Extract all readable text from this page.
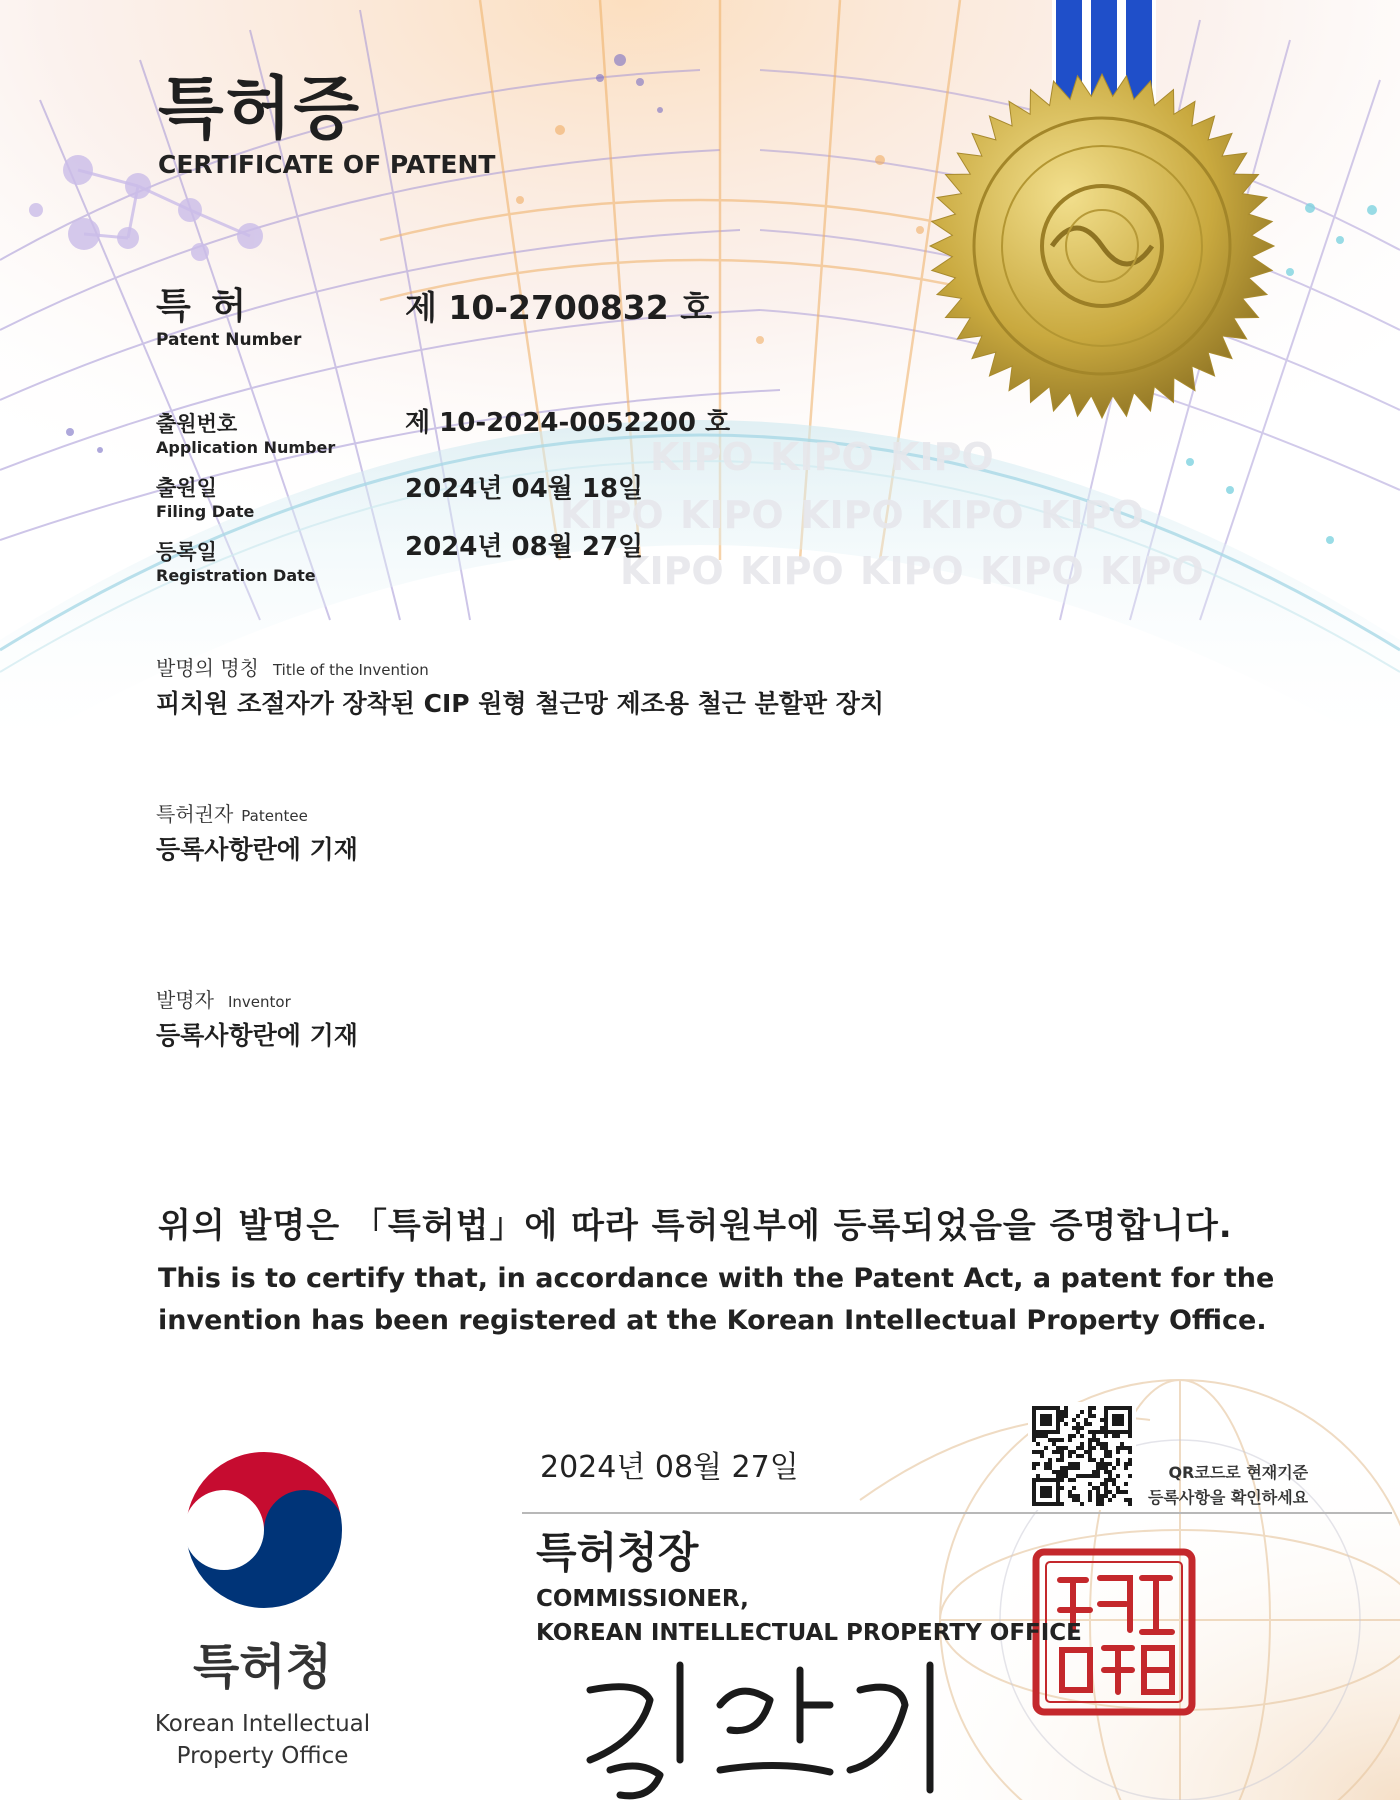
KIPO KIPO KIPO
KIPO KIPO KIPO KIPO KIPO
KIPO KIPO KIPO KIPO KIPO
특허증
CERTIFICATE OF PATENT
특 허
Patent Number
제 10-2700832 호
출원번호
Application Number
제 10-2024-0052200 호
출원일
Filing Date
2024년 04월 18일
등록일
Registration Date
2024년 08월 27일
발명의 명칭 Title of the Invention
피치원 조절자가 장착된 CIP 원형 철근망 제조용 철근 분할판 장치
특허권자 Patentee
등록사항란에 기재
발명자 Inventor
등록사항란에 기재
위의 발명은 「특허법」에 따라 특허원부에 등록되었음을 증명합니다.
This is to certify that, in accordance with the Patent Act, a patent for the invention has been registered at the Korean Intellectual Property Office.
2024년 08월 27일
특허청장
COMMISSIONER,
KOREAN INTELLECTUAL PROPERTY OFFICE
QR코드로 현재기준
등록사항을 확인하세요
특허청
Korean Intellectual
Property Office
